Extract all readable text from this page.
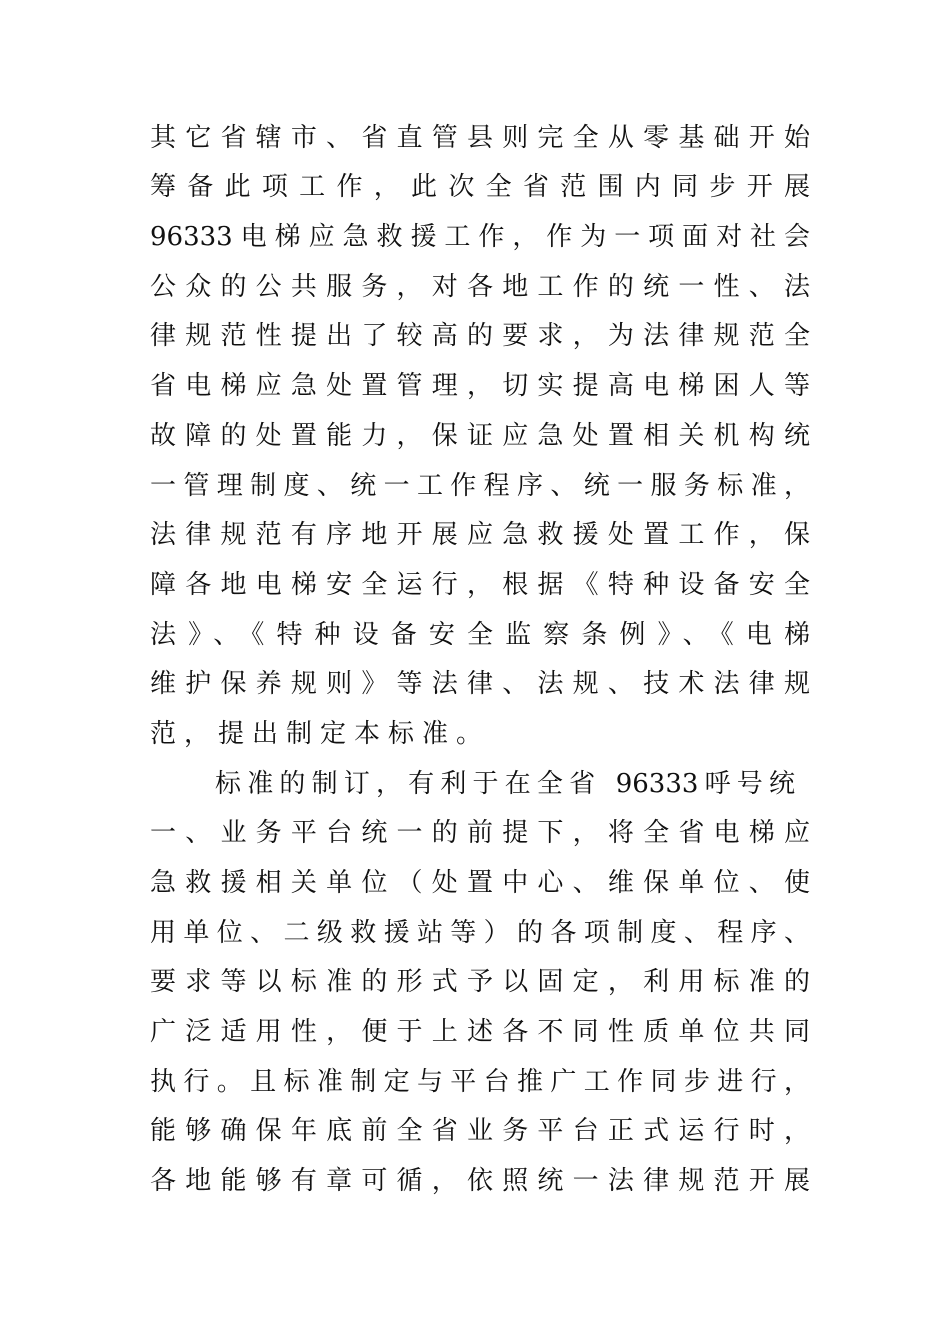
其它省辖市、省直管县则完全从零基础开始
筹备此项工作，此次全省范围内同步开展
96333电梯应急救援工作，作为一项面对社会
公众的公共服务，对各地工作的统一性、法
律规范性提出了较高的要求，为法律规范全
省电梯应急处置管理，切实提高电梯困人等
故障的处置能力，保证应急处置相关机构统
一管理制度、统一工作程序、统一服务标准，
法律规范有序地开展应急救援处置工作，保
障各地电梯安全运行，根据《特种设备安全
法》、《特种设备安全监察条例》、《电梯
维护保养规则》等法律、法规、技术法律规
范，提出制定本标准。
标准的制订，有利于在全省 96333呼号统
一、业务平台统一的前提下，将全省电梯应
急救援相关单位（处置中心、维保单位、使
用单位、二级救援站等）的各项制度、程序、
要求等以标准的形式予以固定，利用标准的
广泛适用性，便于上述各不同性质单位共同
执行。且标准制定与平台推广工作同步进行，
能够确保年底前全省业务平台正式运行时，
各地能够有章可循，依照统一法律规范开展
